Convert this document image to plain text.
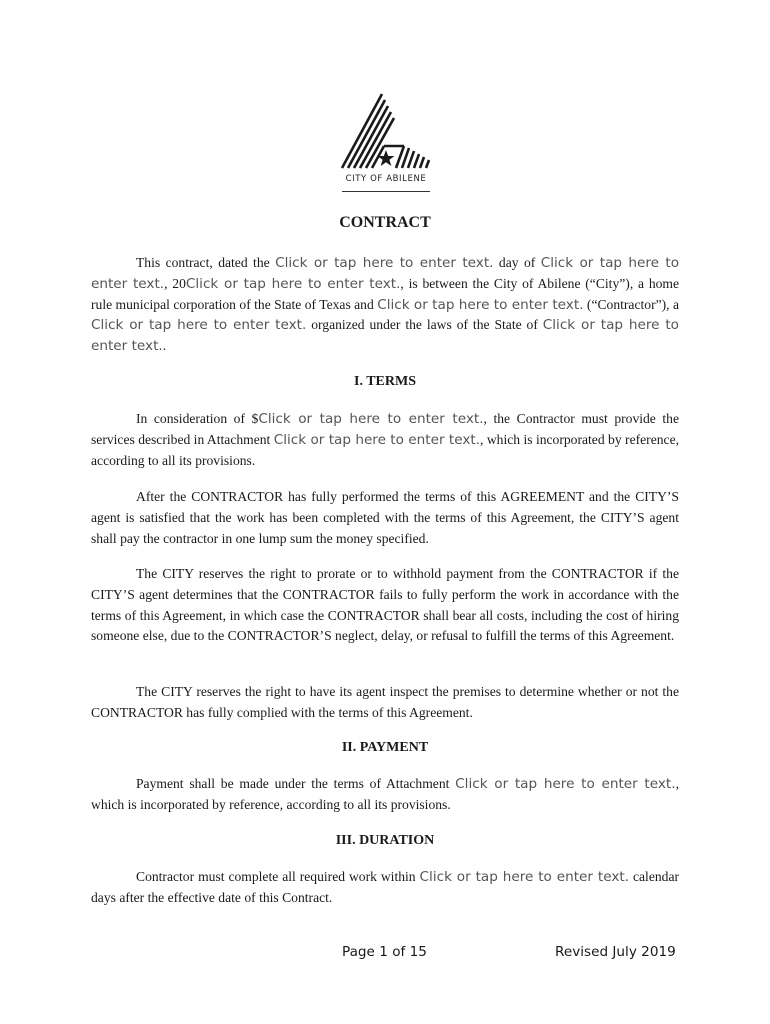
CITY OF ABILENE
CONTRACT

This contract, dated the Click or tap here to enter text. day of Click or tap here to enter text., 20Click or tap here to enter text., is between the City of Abilene (“City”), a home rule municipal corporation of the State of Texas and Click or tap here to enter text. (“Contractor”), a Click or tap here to enter text. organized under the laws of the State of Click or tap here to enter text..

I. TERMS

In consideration of $Click or tap here to enter text., the Contractor must provide the services described in Attachment Click or tap here to enter text., which is incorporated by reference, according to all its provisions.

After the CONTRACTOR has fully performed the terms of this AGREEMENT and the CITY’S agent is satisfied that the work has been completed with the terms of this Agreement, the CITY’S agent shall pay the contractor in one lump sum the money specified.

The CITY reserves the right to prorate or to withhold payment from the CONTRACTOR if the CITY’S agent determines that the CONTRACTOR fails to fully perform the work in accordance with the terms of this Agreement, in which case the CONTRACTOR shall bear all costs, including the cost of hiring someone else, due to the CONTRACTOR’S neglect, delay, or refusal to fulfill the terms of this Agreement.

The CITY reserves the right to have its agent inspect the premises to determine whether or not the CONTRACTOR has fully complied with the terms of this Agreement.

II. PAYMENT

Payment shall be made under the terms of Attachment Click or tap here to enter text., which is incorporated by reference, according to all its provisions.

III. DURATION

Contractor must complete all required work within Click or tap here to enter text. calendar days after the effective date of this Contract.

Page 1 of 15	Revised July 2019
